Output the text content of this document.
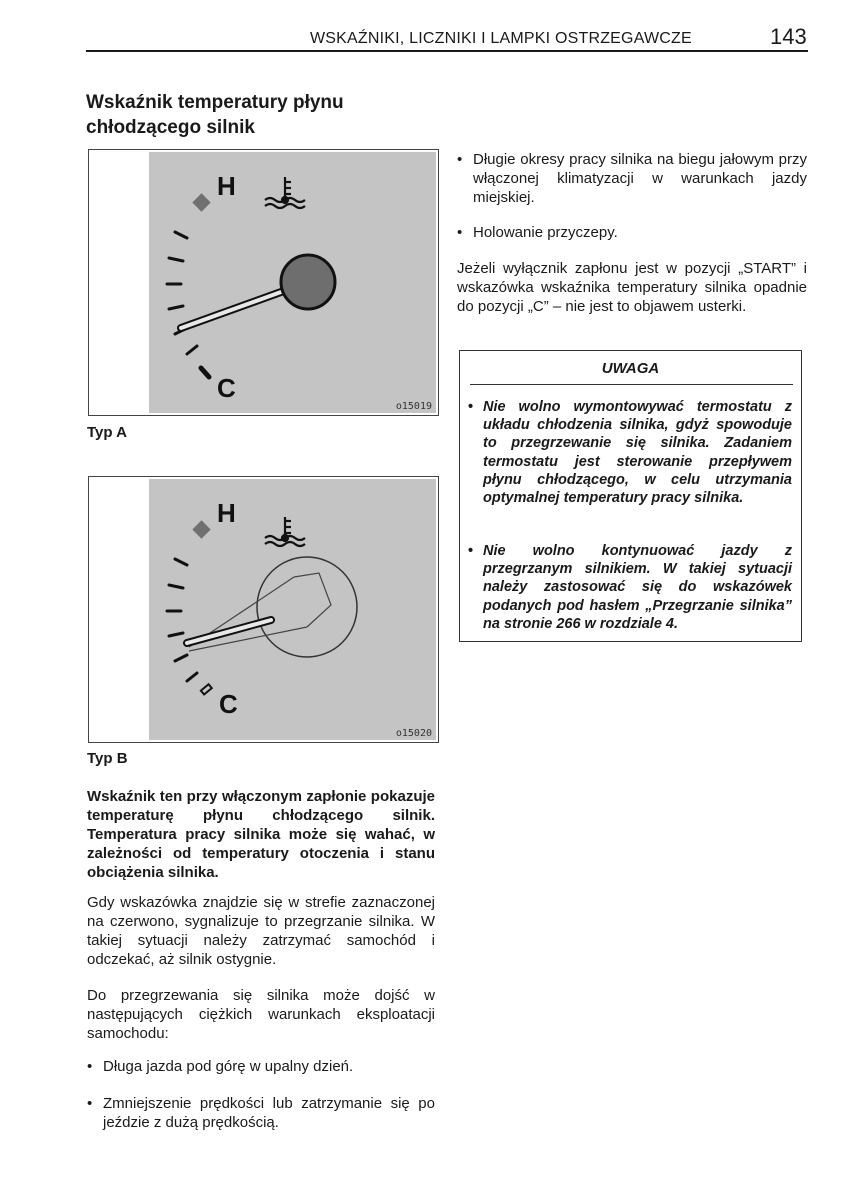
WSKAŹNIKI, LICZNIKI I LAMPKI OSTRZEGAWCZE	143
Wskaźnik temperatury płynu chłodzącego silnik
H
C
o15019
Typ A
H
C
o15020
Typ B
Wskaźnik ten przy włączonym zapłonie pokazuje temperaturę płynu chłodzącego silnik. Temperatura pracy silnika może się wahać, w zależności od temperatury otoczenia i stanu obciążenia silnika.
Gdy wskazówka znajdzie się w strefie zaznaczonej na czerwono, sygnalizuje to przegrzanie silnika. W takiej sytuacji należy zatrzymać samochód i odczekać, aż silnik ostygnie.
Do przegrzewania się silnika może dojść w następujących ciężkich warunkach eksploatacji samochodu:
• Długa jazda pod górę w upalny dzień.
• Zmniejszenie prędkości lub zatrzymanie się po jeździe z dużą prędkością.
• Długie okresy pracy silnika na biegu jałowym przy włączonej klimatyzacji w warunkach jazdy miejskiej.
• Holowanie przyczepy.
Jeżeli wyłącznik zapłonu jest w pozycji „START” i wskazówka wskaźnika temperatury silnika opadnie do pozycji „C” – nie jest to objawem usterki.
UWAGA
• Nie wolno wymontowywać termostatu z układu chłodzenia silnika, gdyż spowoduje to przegrzewanie się silnika. Zadaniem termostatu jest sterowanie przepływem płynu chłodzącego, w celu utrzymania optymalnej temperatury pracy silnika.
• Nie wolno kontynuować jazdy z przegrzanym silnikiem. W takiej sytuacji należy zastosować się do wskazówek podanych pod hasłem „Przegrzanie silnika” na stronie 266 w rozdziale 4.
